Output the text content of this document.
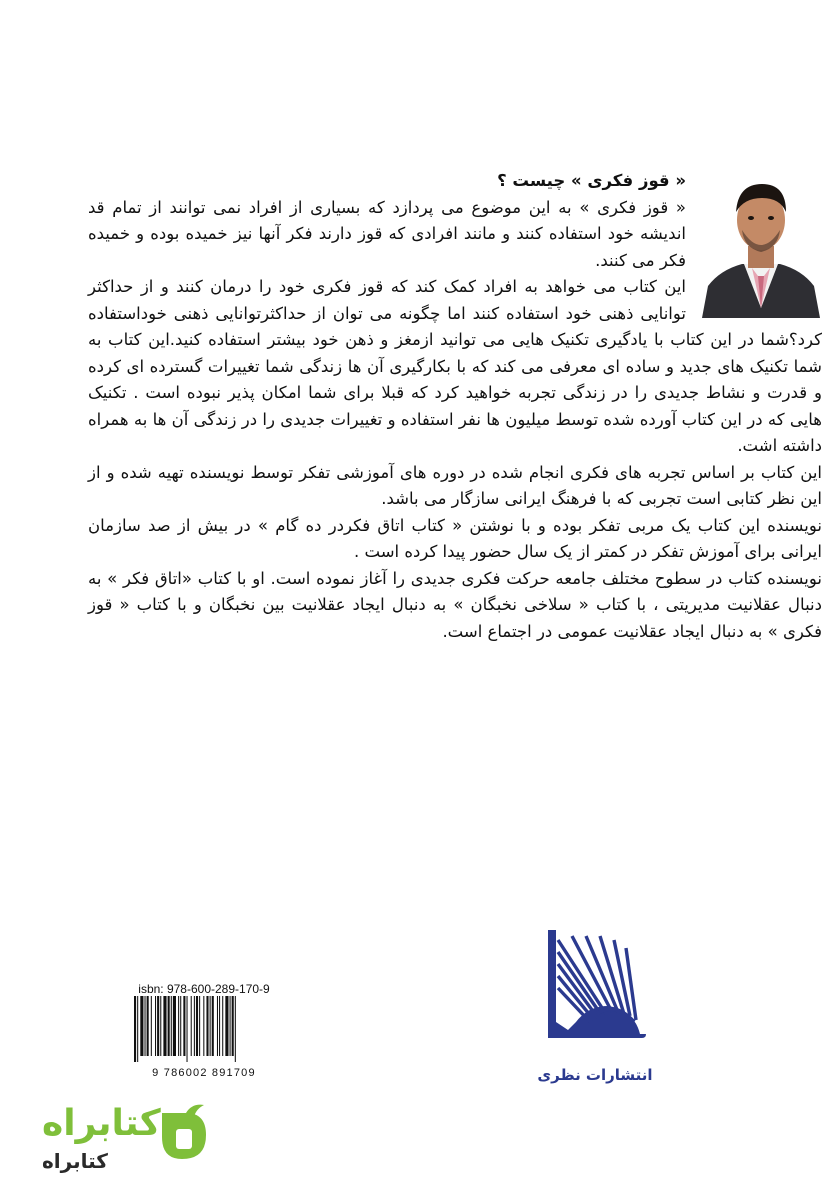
« قوز فکری » چیست ؟

« قوز فکری » به این موضوع می پردازد که بسیاری از افراد نمی توانند از تمام قد اندیشه خود استفاده کنند و مانند افرادی که قوز دارند فکر آنها نیز خمیده بوده و خمیده فکر می کنند.

این کتاب می خواهد به افراد کمک کند که قوز فکری خود را درمان کنند و از حداکثر توانایی ذهنی خود استفاده کنند اما چگونه می توان از حداکثرتوانایی ذهنی خوداستفاده کرد؟شما در این کتاب با یادگیری تکنیک هایی می توانید ازمغز و ذهن خود بیشتر استفاده کنید.این کتاب به شما تکنیک های جدید و ساده ای معرفی می کند که با بکارگیری آن ها زندگی شما تغییرات گسترده ای کرده و قدرت و نشاط جدیدی را در زندگی تجربه خواهید کرد که قبلا برای شما امکان پذیر نبوده است . تکنیک هایی که در این کتاب آورده شده توسط میلیون ها نفر استفاده و تغییرات جدیدی را در زندگی آن ها به همراه داشته اشت.

این کتاب بر اساس تجربه های فکری انجام شده در دوره های آموزشی تفکر توسط نویسنده تهیه شده و از این نظر کتابی است تجربی که با فرهنگ ایرانی سازگار می باشد.

نویسنده این کتاب یک مربی تفکر بوده و با نوشتن « کتاب اتاق فکردر ده گام » در بیش از صد سازمان ایرانی برای آموزش تفکر در کمتر از یک سال حضور پیدا کرده است .

نویسنده کتاب در سطوح مختلف جامعه حرکت فکری جدیدی را آغاز نموده است. او با کتاب «اتاق فکر » به دنبال عقلانیت مدیریتی ، با کتاب « سلاخی نخبگان » به دنبال ایجاد عقلانیت بین نخبگان و با کتاب « قوز فکری » به دنبال ایجاد عقلانیت عمومی در اجتماع است.

isbn: 978-600-289-170-9
9 786002 891709	انتشارات نظری
کتابراه
کتابراه
